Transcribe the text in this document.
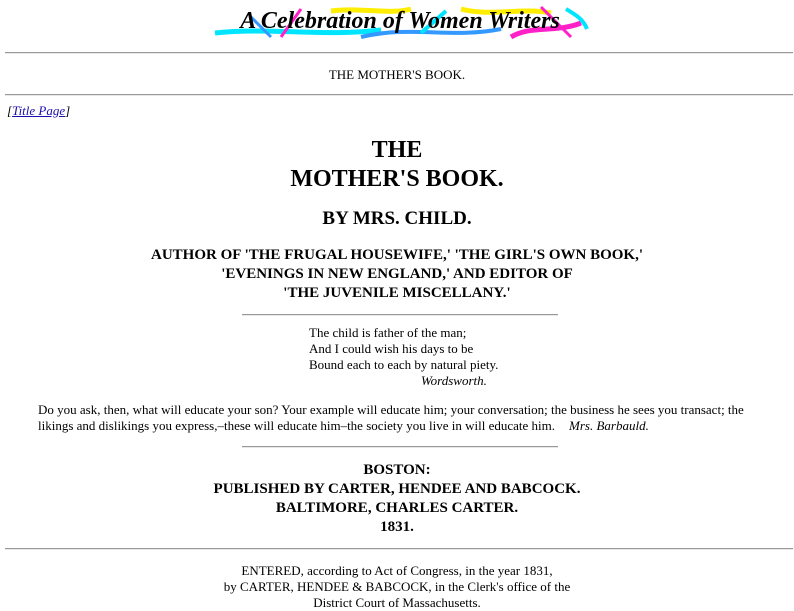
A Celebration of Women Writers
THE MOTHER'S BOOK.
[Title Page]
THE
MOTHER'S BOOK.
BY MRS. CHILD.
AUTHOR OF 'THE FRUGAL HOUSEWIFE,' 'THE GIRL'S OWN BOOK,'
'EVENINGS IN NEW ENGLAND,' AND EDITOR OF
'THE JUVENILE MISCELLANY.'
The child is father of the man;
And I could wish his days to be
Bound each to each by natural piety.
Wordsworth.
Do you ask, then, what will educate your son? Your example will educate him; your conversation; the business he sees you transact; the likings and dislikings you express,–these will educate him–the society you live in will educate him. Mrs. Barbauld.
BOSTON:
PUBLISHED BY CARTER, HENDEE AND BABCOCK.
BALTIMORE, CHARLES CARTER.
1831.
ENTERED, according to Act of Congress, in the year 1831,
by CARTER, HENDEE & BABCOCK, in the Clerk's office of the
District Court of Massachusetts.
